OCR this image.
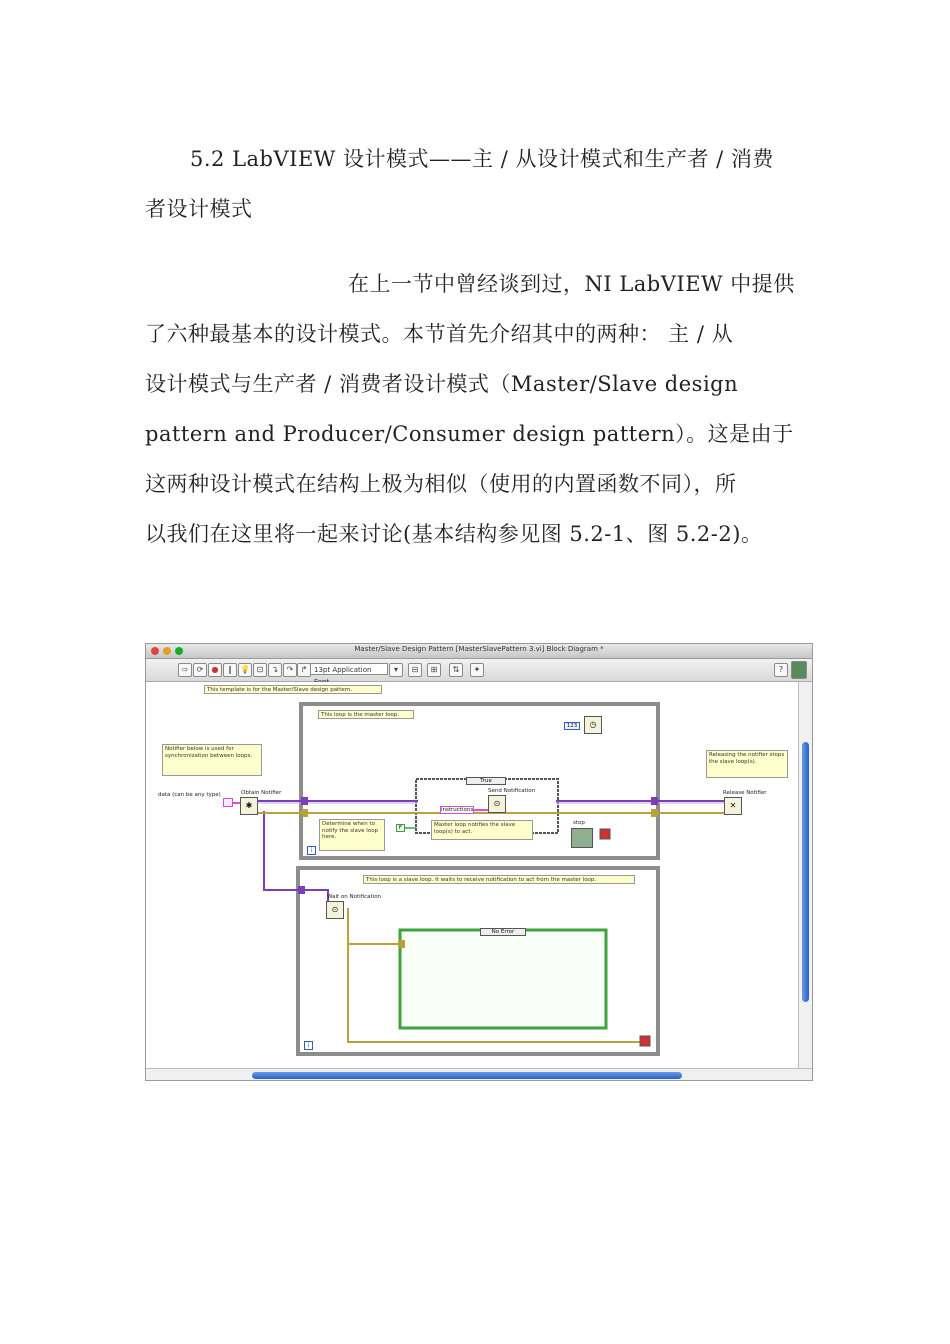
5.2 LabVIEW 设计模式——主 / 从设计模式和生产者 / 消费
者设计模式
在上一节中曾经谈到过，NI LabVIEW 中提供
了六种最基本的设计模式。本节首先介绍其中的两种： 主 / 从
设计模式与生产者 / 消费者设计模式（Master/Slave design
pattern and Producer/Consumer design pattern）。这是由于
这两种设计模式在结构上极为相似（使用的内置函数不同），所
以我们在这里将一起来讨论(基本结构参见图 5.2-1、图 5.2-2)。
Master/Slave Design Pattern [MasterSlavePattern 3.vi] Block Diagram *
⇨	⟳	●	∥	💡 ⊡	↴	↷ ↱ 13pt Application	▾	⊟	⊞	⇅	✦	?
This template is for the Master/Slave design pattern.
This loop is the master loop.
Notifier below is used for synchronization between loops.	Releasing the notifier stops the slave loop(s).
Determine when to notify the slave loop here.
Master loop notifies the slave loop(s) to act.
This loop is a slave loop. It waits to receive notification to act from the master loop.
data (can be any type)	Obtain Notifier
✱
Send Notification
⊙
instructions
True
F
Release Notifier
✕
123	◷
stop
Wait on Notification
⊙
No Error
i
i
